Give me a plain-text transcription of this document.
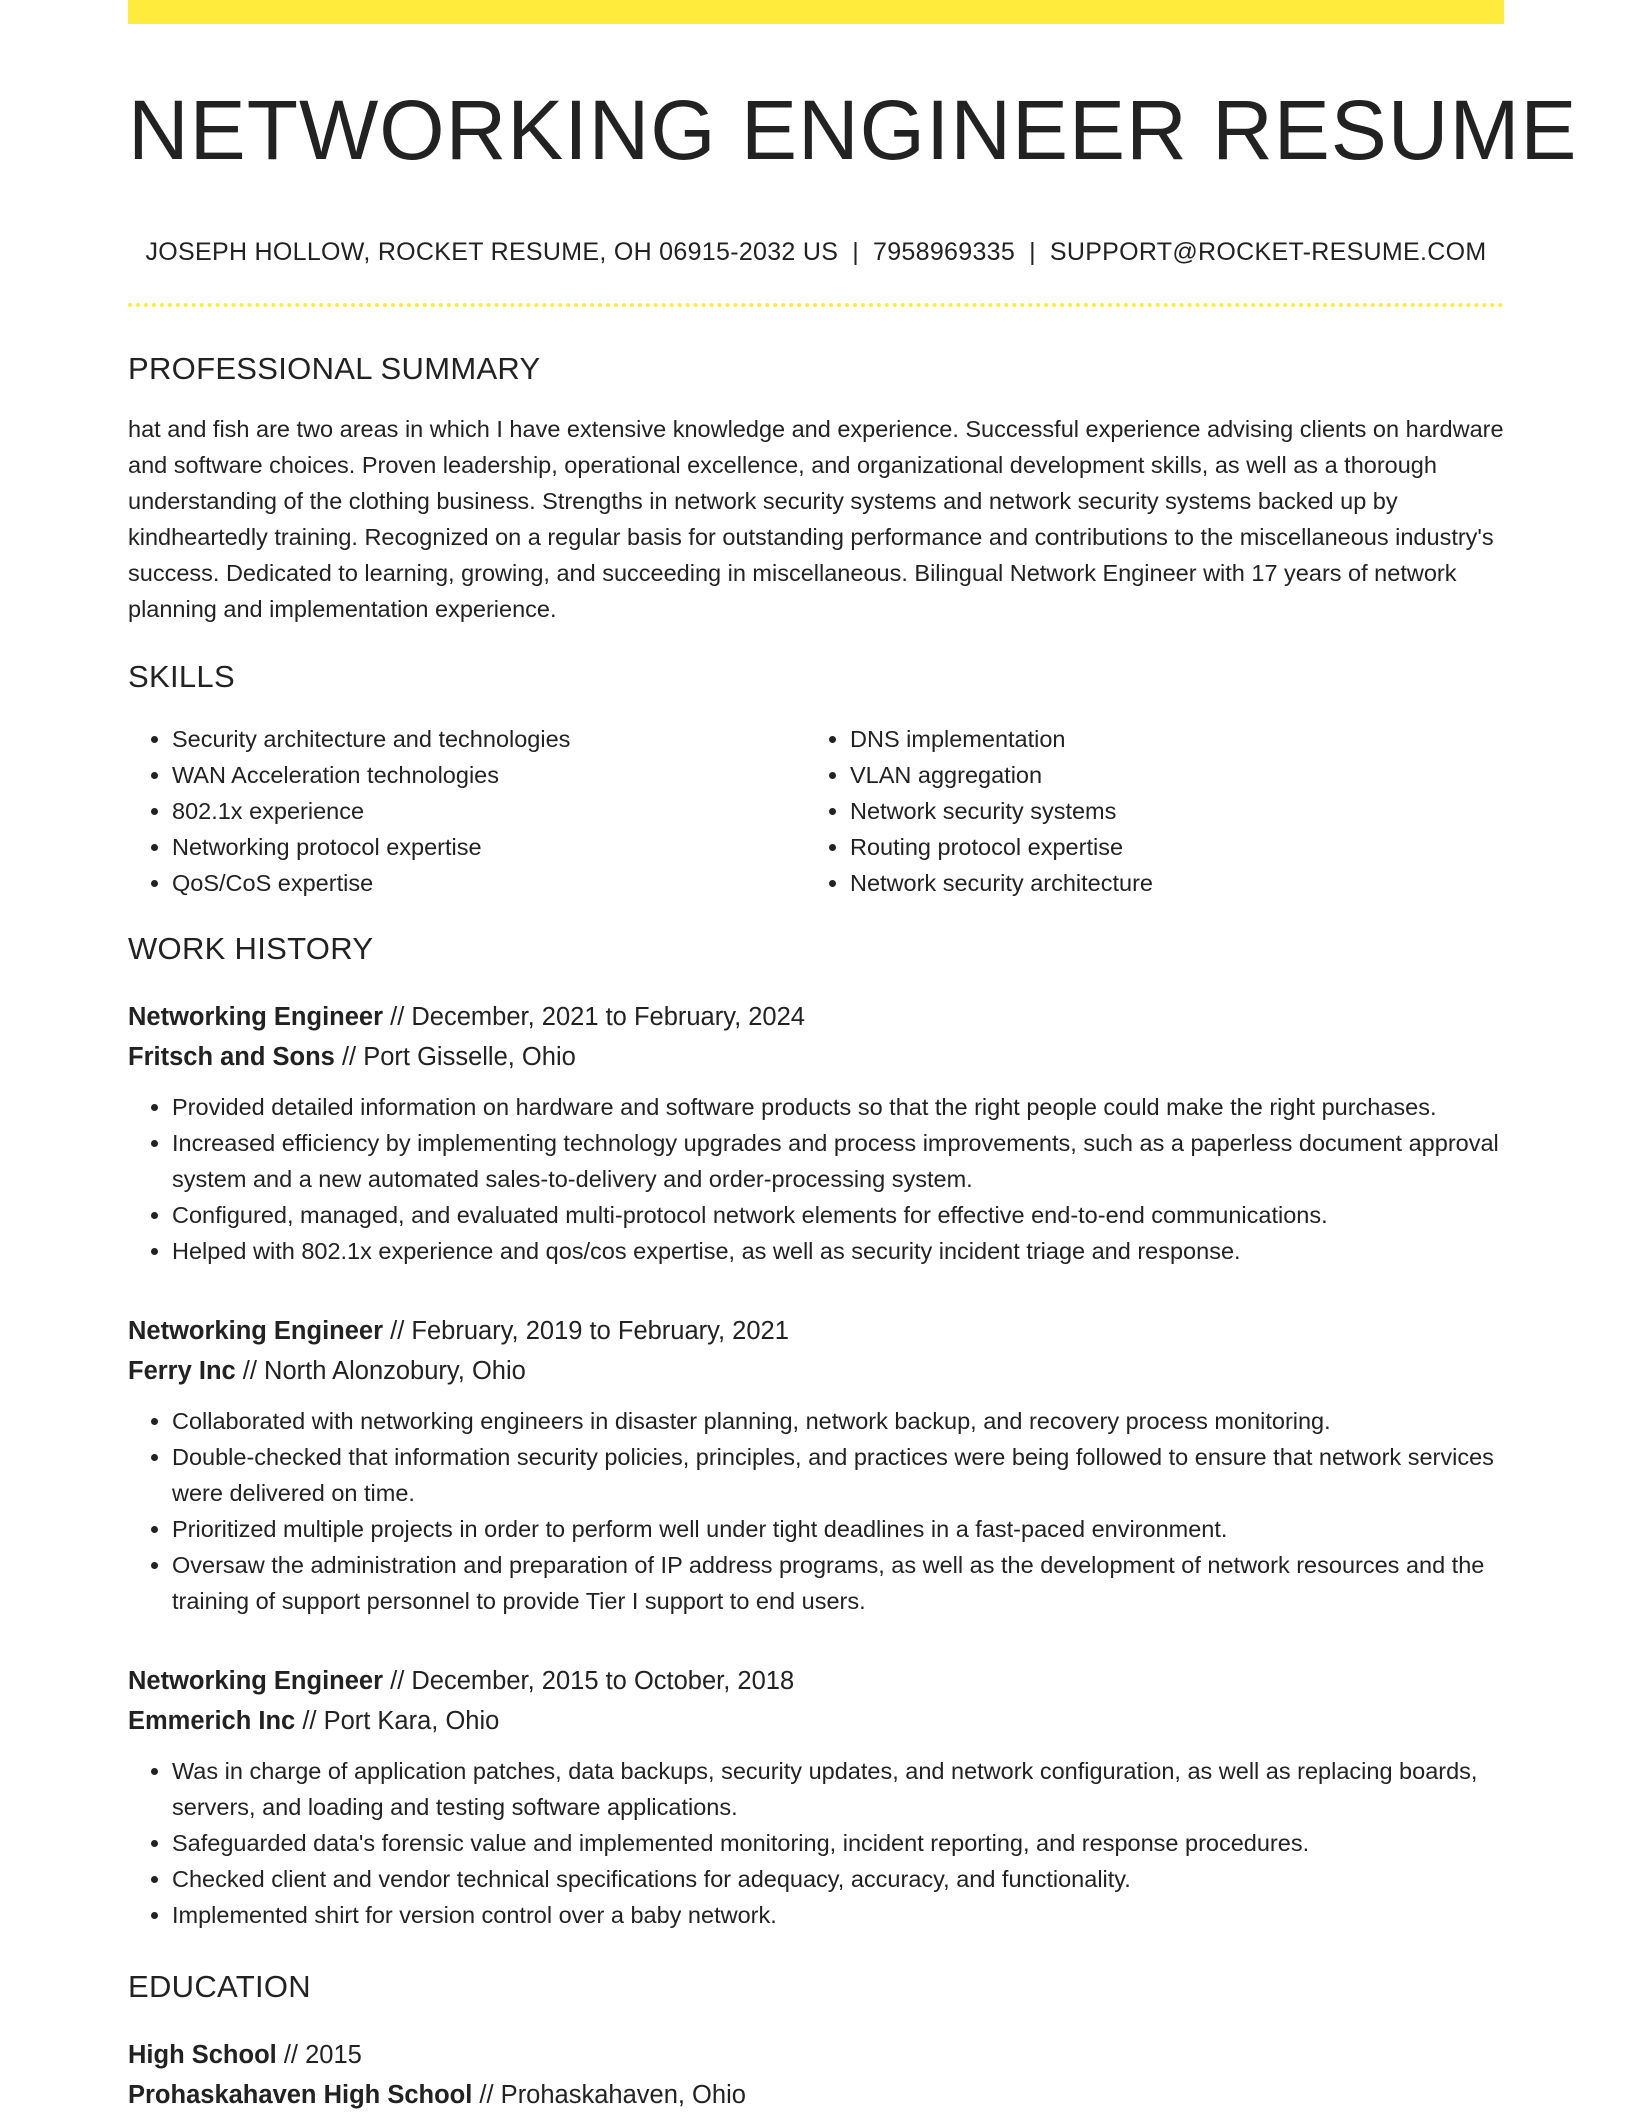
NETWORKING ENGINEER RESUME
JOSEPH HOLLOW, ROCKET RESUME, OH 06915-2032 US | 7958969335 | SUPPORT@ROCKET-RESUME.COM
PROFESSIONAL SUMMARY
hat and fish are two areas in which I have extensive knowledge and experience. Successful experience advising clients on hardware and software choices. Proven leadership, operational excellence, and organizational development skills, as well as a thorough understanding of the clothing business. Strengths in network security systems and network security systems backed up by kindheartedly training. Recognized on a regular basis for outstanding performance and contributions to the miscellaneous industry's success. Dedicated to learning, growing, and succeeding in miscellaneous. Bilingual Network Engineer with 17 years of network planning and implementation experience.
SKILLS
• Security architecture and technologies
• WAN Acceleration technologies
• 802.1x experience
• Networking protocol expertise
• QoS/CoS expertise
• DNS implementation
• VLAN aggregation
• Network security systems
• Routing protocol expertise
• Network security architecture
WORK HISTORY
Networking Engineer // December, 2021 to February, 2024
Fritsch and Sons // Port Gisselle, Ohio
• Provided detailed information on hardware and software products so that the right people could make the right purchases.
• Increased efficiency by implementing technology upgrades and process improvements, such as a paperless document approval system and a new automated sales-to-delivery and order-processing system.
• Configured, managed, and evaluated multi-protocol network elements for effective end-to-end communications.
• Helped with 802.1x experience and qos/cos expertise, as well as security incident triage and response.
Networking Engineer // February, 2019 to February, 2021
Ferry Inc // North Alonzobury, Ohio
• Collaborated with networking engineers in disaster planning, network backup, and recovery process monitoring.
• Double-checked that information security policies, principles, and practices were being followed to ensure that network services were delivered on time.
• Prioritized multiple projects in order to perform well under tight deadlines in a fast-paced environment.
• Oversaw the administration and preparation of IP address programs, as well as the development of network resources and the training of support personnel to provide Tier I support to end users.
Networking Engineer // December, 2015 to October, 2018
Emmerich Inc // Port Kara, Ohio
• Was in charge of application patches, data backups, security updates, and network configuration, as well as replacing boards, servers, and loading and testing software applications.
• Safeguarded data's forensic value and implemented monitoring, incident reporting, and response procedures.
• Checked client and vendor technical specifications for adequacy, accuracy, and functionality.
• Implemented shirt for version control over a baby network.
EDUCATION
High School // 2015
Prohaskahaven High School // Prohaskahaven, Ohio
